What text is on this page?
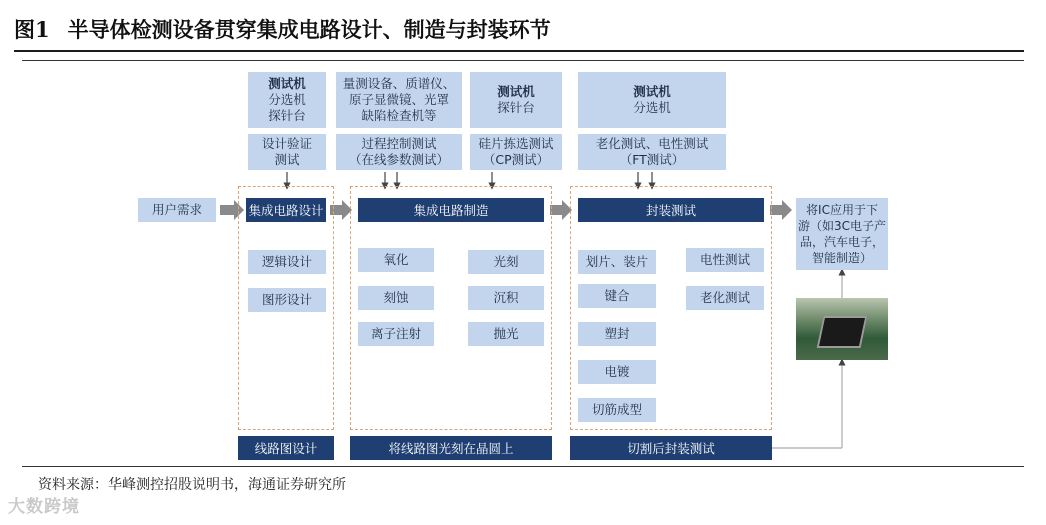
图1 半导体检测设备贯穿集成电路设计、制造与封装环节
测试机
分选机
探针台
量测设备、质谱仪、
原子显微镜、光罩
缺陷检查机等
测试机
探针台
测试机
分选机
设计验证
测试
过程控制测试
（在线参数测试）
硅片拣选测试
（CP测试）
老化测试、电性测试
（FT测试）
用户需求	集成电路设计	集成电路制造	封装测试	将IC应用于下
游（如3C电子产
品，汽车电子，
智能制造）
逻辑设计
图形设计
氧化
刻蚀
离子注射
光刻
沉积
抛光
划片、装片
键合
塑封
电镀
切筋成型
电性测试
老化测试
线路图设计	将线路图光刻在晶圆上	切割后封装测试
资料来源：华峰测控招股说明书，海通证券研究所
大数跨境
